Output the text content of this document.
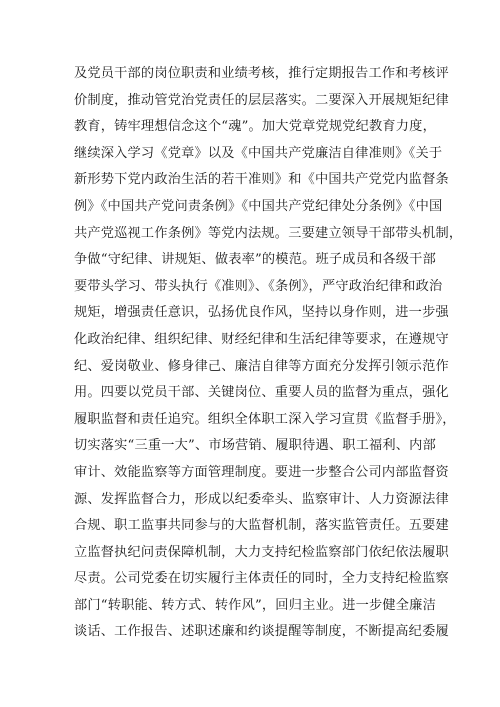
及党员干部的岗位职责和业绩考核，推行定期报告工作和考核评
价制度，推动管党治党责任的层层落实。二要深入开展规矩纪律
教育，铸牢理想信念这个“魂”。加大党章党规党纪教育力度，
继续深入学习《党章》以及《中国共产党廉洁自律准则》《关于
新形势下党内政治生活的若干准则》和《中国共产党党内监督条
例》《中国共产党问责条例》《中国共产党纪律处分条例》《中国
共产党巡视工作条例》等党内法规。三要建立领导干部带头机制，
争做“守纪律、讲规矩、做表率”的模范。班子成员和各级干部
要带头学习、带头执行《准则》、《条例》，严守政治纪律和政治
规矩，增强责任意识，弘扬优良作风，坚持以身作则，进一步强
化政治纪律、组织纪律、财经纪律和生活纪律等要求，在遵规守
纪、爱岗敬业、修身律己、廉洁自律等方面充分发挥引领示范作
用。四要以党员干部、关键岗位、重要人员的监督为重点，强化
履职监督和责任追究。组织全体职工深入学习宣贯《监督手册》，
切实落实“三重一大”、市场营销、履职待遇、职工福利、内部
审计、效能监察等方面管理制度。要进一步整合公司内部监督资
源、发挥监督合力，形成以纪委牵头、监察审计、人力资源法律
合规、职工监事共同参与的大监督机制，落实监管责任。五要建
立监督执纪问责保障机制，大力支持纪检监察部门依纪依法履职
尽责。公司党委在切实履行主体责任的同时，全力支持纪检监察
部门“转职能、转方式、转作风”，回归主业。进一步健全廉洁
谈话、工作报告、述职述廉和约谈提醒等制度，不断提高纪委履
